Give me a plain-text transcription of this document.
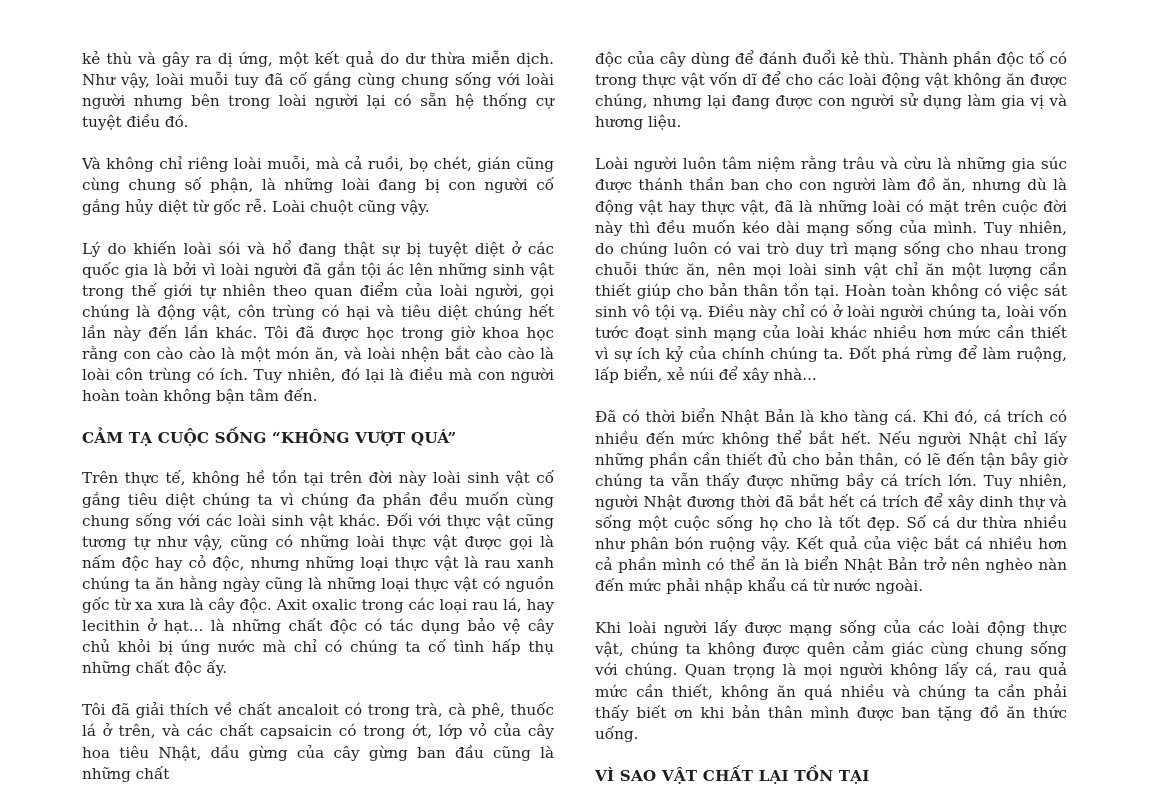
kẻ thù và gây ra dị ứng, một kết quả do dư thừa miễn dịch. Như vậy, loài muỗi tuy đã cố gắng cùng chung sống với loài người nhưng bên trong loài người lại có sẵn hệ thống cự tuyệt điều đó.

Và không chỉ riêng loài muỗi, mà cả ruồi, bọ chét, gián cũng cùng chung số phận, là những loài đang bị con người cố gắng hủy diệt từ gốc rễ. Loài chuột cũng vậy.

Lý do khiến loài sói và hổ đang thật sự bị tuyệt diệt ở các quốc gia là bởi vì loài người đã gắn tội ác lên những sinh vật trong thế giới tự nhiên theo quan điểm của loài người, gọi chúng là động vật, côn trùng có hại và tiêu diệt chúng hết lần này đến lần khác. Tôi đã được học trong giờ khoa học rằng con cào cào là một món ăn, và loài nhện bắt cào cào là loài côn trùng có ích. Tuy nhiên, đó lại là điều mà con người hoàn toàn không bận tâm đến.

CẢM TẠ CUỘC SỐNG “KHÔNG VƯỢT QUÁ”

Trên thực tế, không hề tồn tại trên đời này loài sinh vật cố gắng tiêu diệt chúng ta vì chúng đa phần đều muốn cùng chung sống với các loài sinh vật khác. Đối với thực vật cũng tương tự như vậy, cũng có những loài thực vật được gọi là nấm độc hay cỏ độc, nhưng những loại thực vật là rau xanh chúng ta ăn hằng ngày cũng là những loại thực vật có nguồn gốc từ xa xưa là cây độc. Axit oxalic trong các loại rau lá, hay lecithin ở hạt... là những chất độc có tác dụng bảo vệ cây chủ khỏi bị úng nước mà chỉ có chúng ta cố tình hấp thụ những chất độc ấy.

Tôi đã giải thích về chất ancaloit có trong trà, cà phê, thuốc lá ở trên, và các chất capsaicin có trong ớt, lớp vỏ của cây hoa tiêu Nhật, dầu gừng của cây gừng ban đầu cũng là những chất

độc của cây dùng để đánh đuổi kẻ thù. Thành phần độc tố có trong thực vật vốn dĩ để cho các loài động vật không ăn được chúng, nhưng lại đang được con người sử dụng làm gia vị và hương liệu.

Loài người luôn tâm niệm rằng trâu và cừu là những gia súc được thánh thần ban cho con người làm đồ ăn, nhưng dù là động vật hay thực vật, đã là những loài có mặt trên cuộc đời này thì đều muốn kéo dài mạng sống của mình. Tuy nhiên, do chúng luôn có vai trò duy trì mạng sống cho nhau trong chuỗi thức ăn, nên mọi loài sinh vật chỉ ăn một lượng cần thiết giúp cho bản thân tồn tại. Hoàn toàn không có việc sát sinh vô tội vạ. Điều này chỉ có ở loài người chúng ta, loài vốn tước đoạt sinh mạng của loài khác nhiều hơn mức cần thiết vì sự ích kỷ của chính chúng ta. Đốt phá rừng để làm ruộng, lấp biển, xẻ núi để xây nhà...

Đã có thời biển Nhật Bản là kho tàng cá. Khi đó, cá trích có nhiều đến mức không thể bắt hết. Nếu người Nhật chỉ lấy những phần cần thiết đủ cho bản thân, có lẽ đến tận bây giờ chúng ta vẫn thấy được những bầy cá trích lớn. Tuy nhiên, người Nhật đương thời đã bắt hết cá trích để xây dinh thự và sống một cuộc sống họ cho là tốt đẹp. Số cá dư thừa nhiều như phân bón ruộng vậy. Kết quả của việc bắt cá nhiều hơn cả phần mình có thể ăn là biển Nhật Bản trở nên nghèo nàn đến mức phải nhập khẩu cá từ nước ngoài.

Khi loài người lấy được mạng sống của các loài động thực vật, chúng ta không được quên cảm giác cùng chung sống với chúng. Quan trọng là mọi người không lấy cá, rau quả mức cần thiết, không ăn quá nhiều và chúng ta cần phải thấy biết ơn khi bản thân mình được ban tặng đồ ăn thức uống.

VÌ SAO VẬT CHẤT LẠI TỒN TẠI
